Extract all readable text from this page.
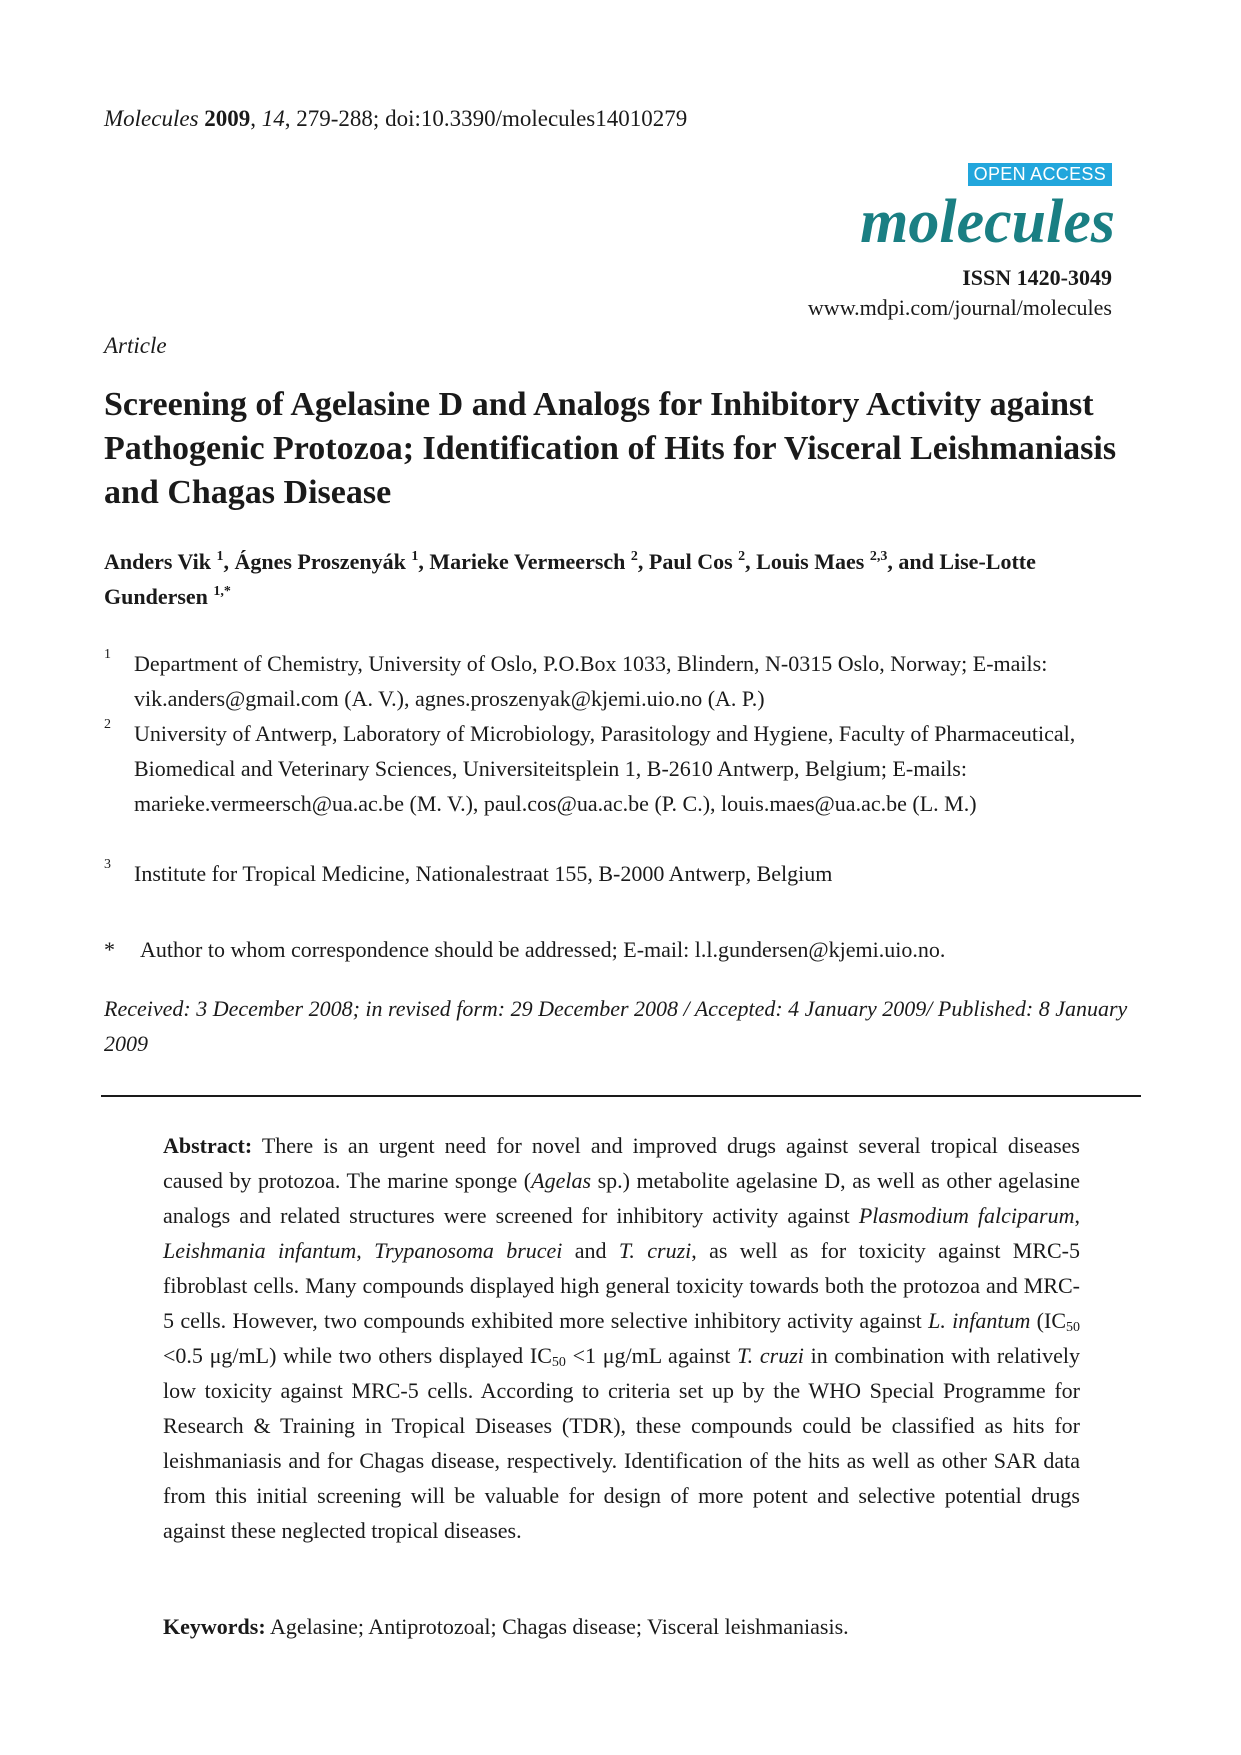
Molecules 2009, 14, 279-288; doi:10.3390/molecules14010279
OPEN ACCESS
molecules
ISSN 1420-3049
www.mdpi.com/journal/molecules
Article
Screening of Agelasine D and Analogs for Inhibitory Activity against Pathogenic Protozoa; Identification of Hits for Visceral Leishmaniasis and Chagas Disease
Anders Vik $^1$, Ágnes Proszenyák $^1$, Marieke Vermeersch $^2$, Paul Cos $^2$, Louis Maes $^{2,3}$, and Lise-Lotte Gundersen $^{1,*}$
1 Department of Chemistry, University of Oslo, P.O.Box 1033, Blindern, N-0315 Oslo, Norway; E-mails: vik.anders@gmail.com (A. V.), agnes.proszenyak@kjemi.uio.no (A. P.)
2 University of Antwerp, Laboratory of Microbiology, Parasitology and Hygiene, Faculty of Pharmaceutical, Biomedical and Veterinary Sciences, Universiteitsplein 1, B-2610 Antwerp, Belgium; E-mails: marieke.vermeersch@ua.ac.be (M. V.), paul.cos@ua.ac.be (P. C.), louis.maes@ua.ac.be (L. M.)
3 Institute for Tropical Medicine, Nationalestraat 155, B-2000 Antwerp, Belgium
* Author to whom correspondence should be addressed; E-mail: l.l.gundersen@kjemi.uio.no.
Received: 3 December 2008; in revised form: 29 December 2008 / Accepted: 4 January 2009/ Published: 8 January 2009

Abstract: There is an urgent need for novel and improved drugs against several tropical diseases caused by protozoa. The marine sponge (Agelas sp.) metabolite agelasine D, as well as other agelasine analogs and related structures were screened for inhibitory activity against Plasmodium falciparum, Leishmania infantum, Trypanosoma brucei and T. cruzi, as well as for toxicity against MRC-5 fibroblast cells. Many compounds displayed high general toxicity towards both the protozoa and MRC-5 cells. However, two compounds exhibited more selective inhibitory activity against L. infantum ($IC_{50} <0.5$ μg/mL) while two others displayed $IC_{50} <1$ μg/mL against T. cruzi in combination with relatively low toxicity against MRC-5 cells. According to criteria set up by the WHO Special Programme for Research & Training in Tropical Diseases (TDR), these compounds could be classified as hits for leishmaniasis and for Chagas disease, respectively. Identification of the hits as well as other SAR data from this initial screening will be valuable for design of more potent and selective potential drugs against these neglected tropical diseases.

Keywords: Agelasine; Antiprotozoal; Chagas disease; Visceral leishmaniasis.
